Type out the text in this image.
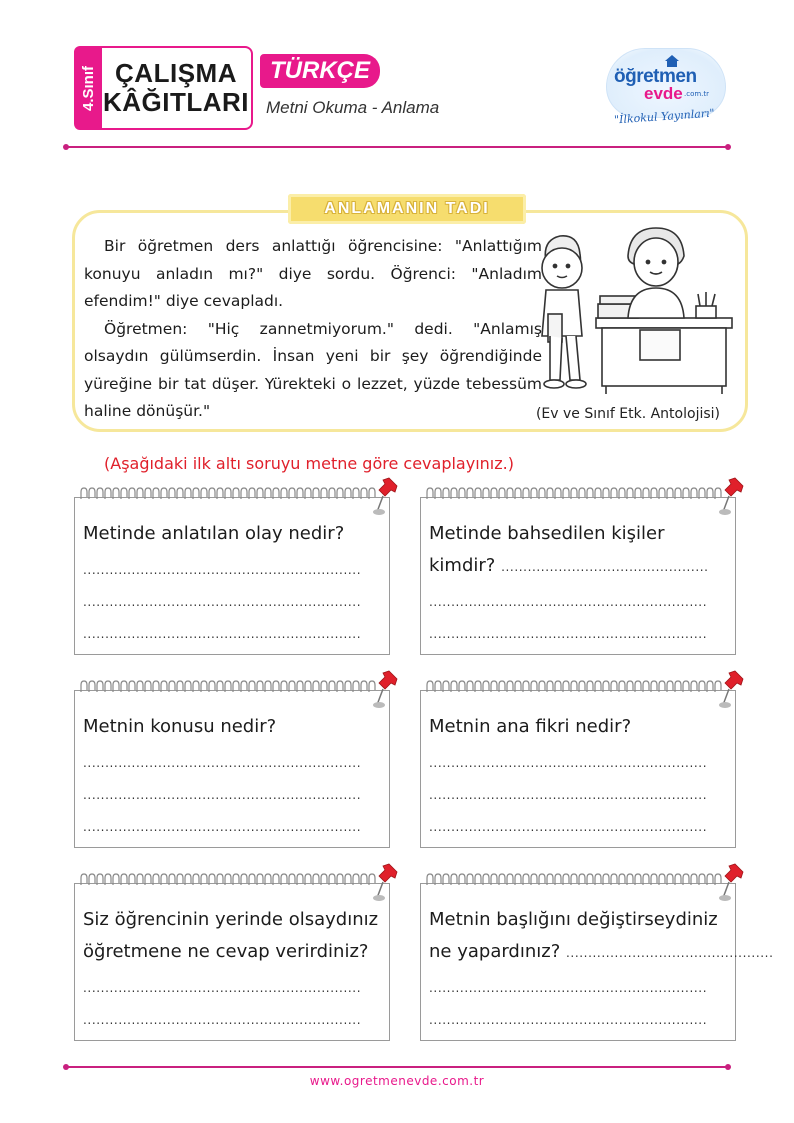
4.Sınıf ÇALIŞMA
KÂĞITLARI
TÜRKÇE
Metni Okuma - Anlama
öğretmen
evde .com.tr
"İlkokul Yayınları"
ANLAMANIN TADI

Bir öğretmen ders anlattığı öğrencisine: "Anlattığım konuyu anladın mı?" diye sordu. Öğrenci: "Anladım efendim!" diye cevapladı.

Öğretmen: "Hiç zannetmiyorum." dedi. "Anlamış olsaydın gülümserdin. İnsan yeni bir şey öğrendiğinde yüreğine bir tat düşer. Yürekteki o lezzet, yüzde tebessüm haline dönüşür."	(Ev ve Sınıf Etk. Antolojisi)
(Aşağıdaki ilk altı soruyu metne göre cevaplayınız.)
Metinde anlatılan olay nedir?
...............................................................
...............................................................
...............................................................
Metinde bahsedilen kişiler
kimdir? ...............................................
...............................................................
...............................................................
Metnin konusu nedir?
...............................................................
...............................................................
...............................................................
Metnin ana fikri nedir?
...............................................................
...............................................................
...............................................................
Siz öğrencinin yerinde olsaydınız
öğretmene ne cevap verirdiniz?
...............................................................
...............................................................
Metnin başlığını değiştirseydiniz
ne yapardınız? ...............................................
...............................................................
...............................................................
www.ogretmenevde.com.tr
